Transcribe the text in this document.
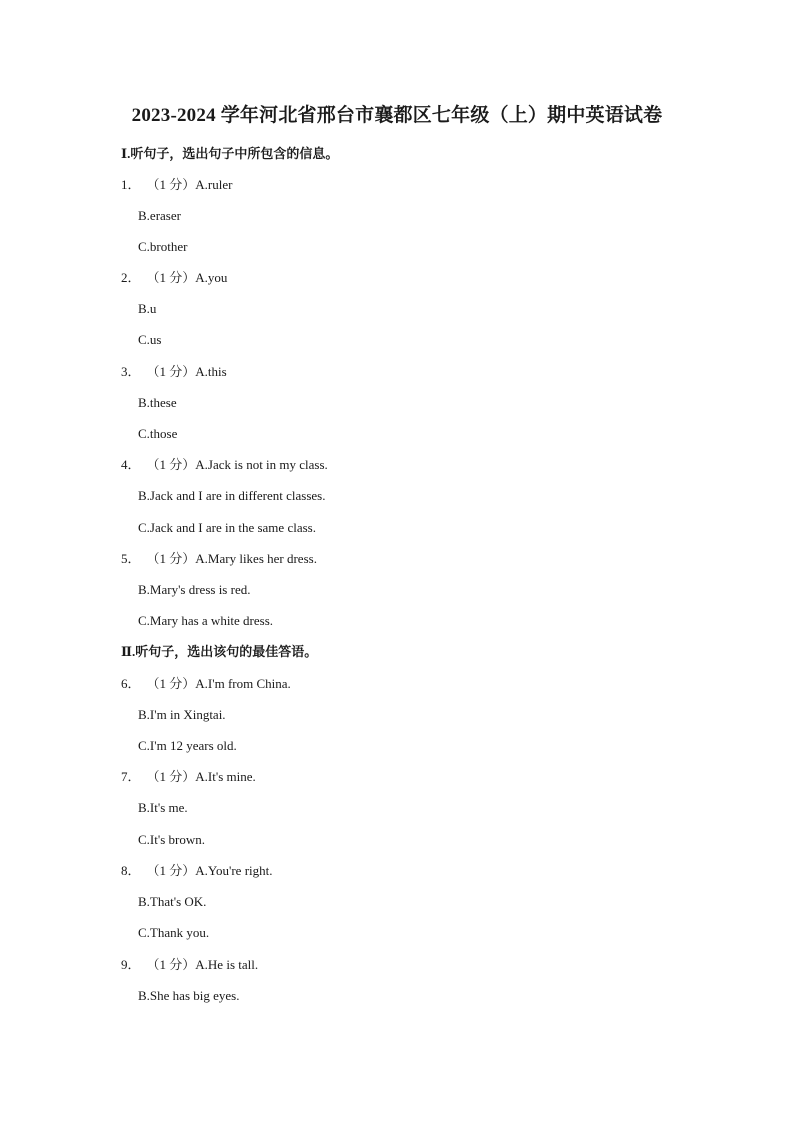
2023-2024 学年河北省邢台市襄都区七年级（上）期中英语试卷
Ⅰ.听句子，选出句子中所包含的信息。
1． （1 分）A.ruler
B.eraser
C.brother
2． （1 分）A.you
B.u
C.us
3． （1 分）A.this
B.these
C.those
4． （1 分）A.Jack is not in my class.
B.Jack and I are in different classes.
C.Jack and I are in the same class.
5． （1 分）A.Mary likes her dress.
B.Mary's dress is red.
C.Mary has a white dress.
Ⅱ.听句子，选出该句的最佳答语。
6． （1 分）A.I'm from China.
B.I'm in Xingtai.
C.I'm 12 years old.
7． （1 分）A.It's mine.
B.It's me.
C.It's brown.
8． （1 分）A.You're right.
B.That's OK.
C.Thank you.
9． （1 分）A.He is tall.
B.She has big eyes.
